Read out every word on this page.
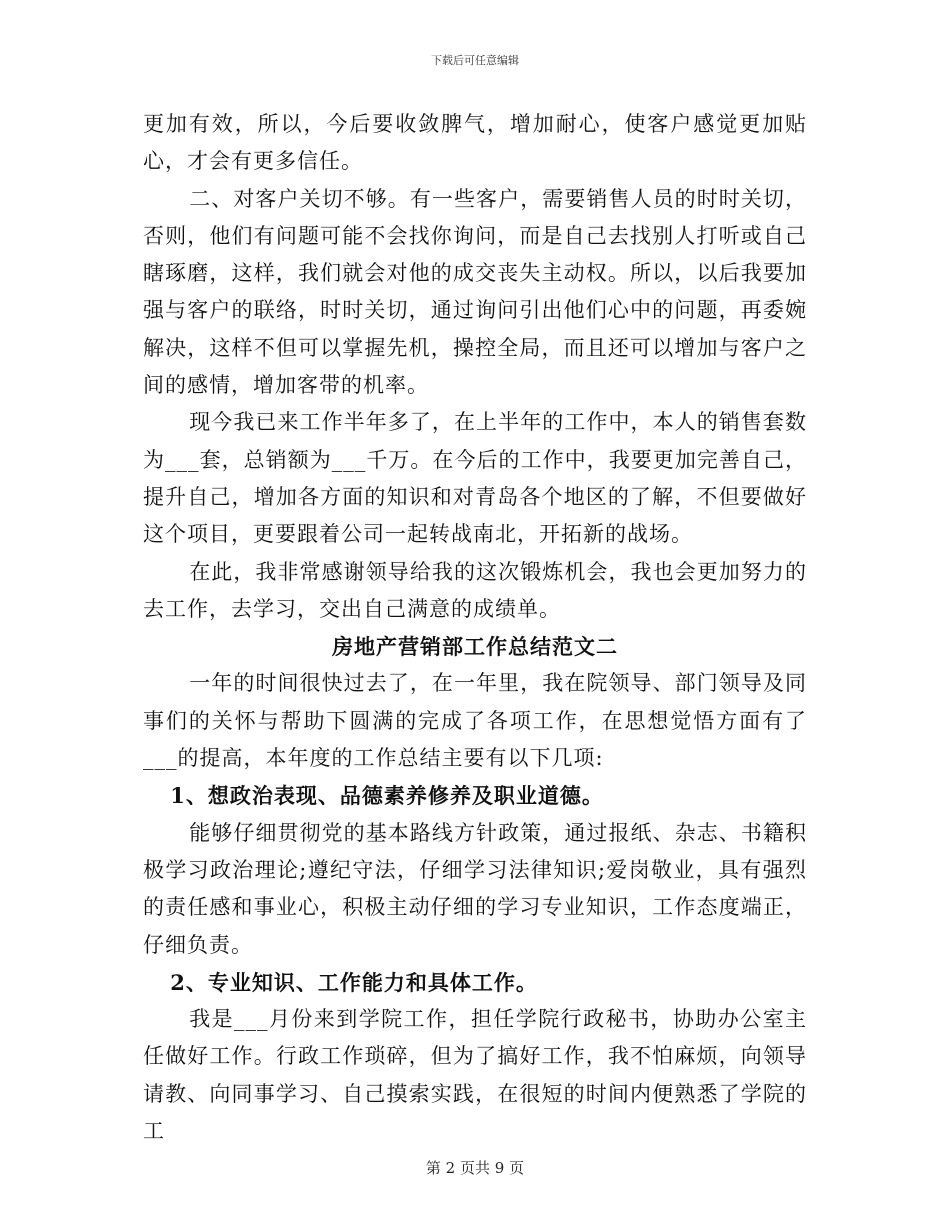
下载后可任意编辑

更加有效，所以，今后要收敛脾气，增加耐心，使客户感觉更加贴心，才会有更多信任。

二、对客户关切不够。有一些客户，需要销售人员的时时关切，否则，他们有问题可能不会找你询问，而是自己去找别人打听或自己瞎琢磨，这样，我们就会对他的成交丧失主动权。所以，以后我要加强与客户的联络，时时关切，通过询问引出他们心中的问题，再委婉解决，这样不但可以掌握先机，操控全局，而且还可以增加与客户之间的感情，增加客带的机率。

现今我已来工作半年多了，在上半年的工作中，本人的销售套数为___套，总销额为___千万。在今后的工作中，我要更加完善自己，提升自己，增加各方面的知识和对青岛各个地区的了解，不但要做好这个项目，更要跟着公司一起转战南北，开拓新的战场。

在此，我非常感谢领导给我的这次锻炼机会，我也会更加努力的去工作，去学习，交出自己满意的成绩单。

房地产营销部工作总结范文二

一年的时间很快过去了，在一年里，我在院领导、部门领导及同事们的关怀与帮助下圆满的完成了各项工作，在思想觉悟方面有了___的提高，本年度的工作总结主要有以下几项:

1、想政治表现、品德素养修养及职业道德。

能够仔细贯彻党的基本路线方针政策，通过报纸、杂志、书籍积极学习政治理论;遵纪守法，仔细学习法律知识;爱岗敬业，具有强烈的责任感和事业心，积极主动仔细的学习专业知识，工作态度端正，仔细负责。

2、专业知识、工作能力和具体工作。

我是___月份来到学院工作，担任学院行政秘书，协助办公室主任做好工作。行政工作琐碎，但为了搞好工作，我不怕麻烦，向领导请教、向同事学习、自己摸索实践，在很短的时间内便熟悉了学院的工

第 2 页共 9 页
